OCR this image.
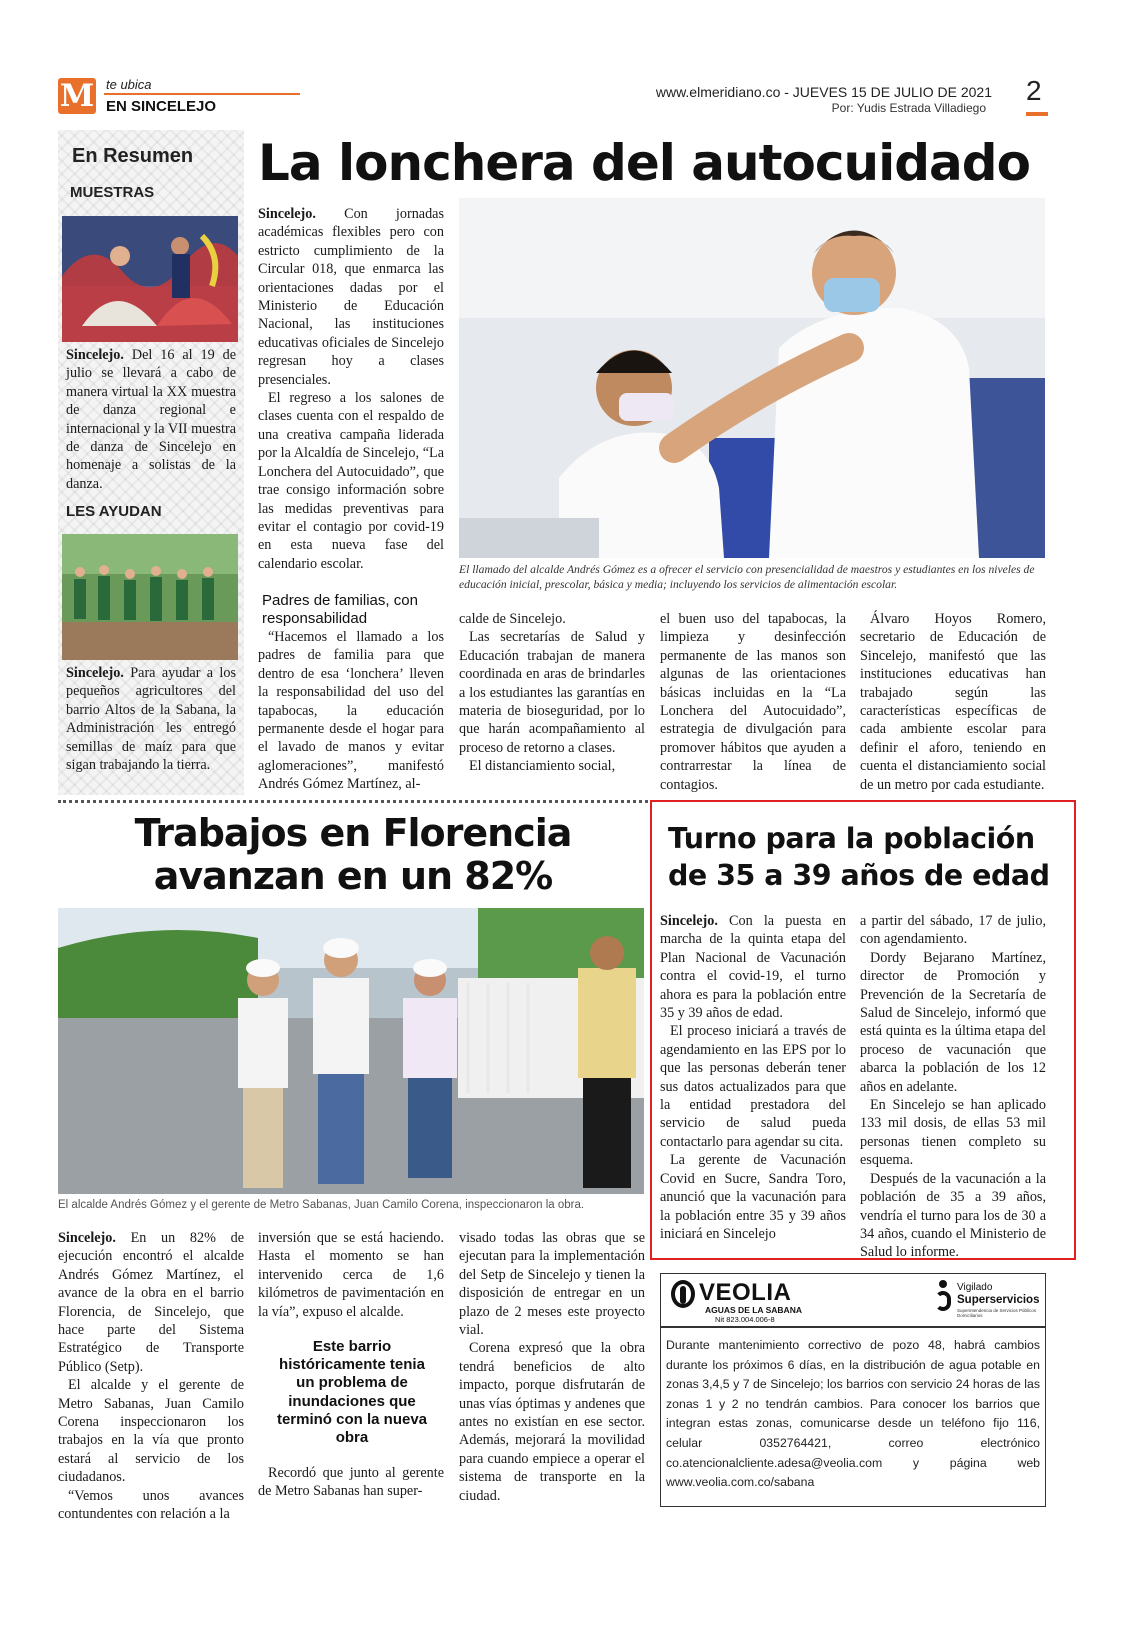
M te ubica
EN SINCELEJO
www.elmeridiano.co - JUEVES 15 DE JULIO DE 2021
Por: Yudis Estrada Villadiego
2
En Resumen
MUESTRAS

Sincelejo. Del 16 al 19 de julio se llevará a cabo de manera virtual la XX muestra de danza regional e internacional y la VII muestra de danza de Sincelejo en homenaje a solistas de la danza.

LES AYUDAN

Sincelejo. Para ayudar a los pequeños agricultores del barrio Altos de la Sabana, la Administración les entregó semillas de maíz para que sigan trabajando la tierra.

La lonchera del autocuidado

Sincelejo. Con jornadas académicas flexibles pero con estricto cumplimiento de la Circular 018, que enmarca las orientaciones dadas por el Ministerio de Educación Nacional, las instituciones educativas oficiales de Sincelejo regresan hoy a clases presenciales.

El regreso a los salones de clases cuenta con el respaldo de una creativa campaña liderada por la Alcaldía de Sincelejo, “La Lonchera del Autocuidado”, que trae consigo información sobre las medidas preventivas para evitar el contagio por covid-19 en esta nueva fase del calendario escolar.	El llamado del alcalde Andrés Gómez es a ofrecer el servicio con presencialidad de maestros y estudiantes en los niveles de educación inicial, prescolar, básica y media; incluyendo los servicios de alimentación escolar.
Padres de familias, con responsabilidad

“Hacemos el llamado a los padres de familia para que dentro de esa ‘lonchera’ lleven la responsabilidad del uso del tapabocas, la educación permanente desde el hogar para el lavado de manos y evitar aglomeraciones”, manifestó Andrés Gómez Martínez, al-

calde de Sincelejo.

Las secretarías de Salud y Educación trabajan de manera coordinada en aras de brindarles a los estudiantes las garantías en materia de bioseguridad, por lo que harán acompañamiento al proceso de retorno a clases.

El distanciamiento social,

el buen uso del tapabocas, la limpieza y desinfección permanente de las manos son algunas de las orientaciones básicas incluidas en la “La Lonchera del Autocuidado”, estrategia de divulgación para promover hábitos que ayuden a contrarrestar la línea de contagios.

Álvaro Hoyos Romero, secretario de Educación de Sincelejo, manifestó que las instituciones educativas han trabajado según las características específicas de cada ambiente escolar para definir el aforo, teniendo en cuenta el distanciamiento social de un metro por cada estudiante.

Trabajos en Florencia
avanzan en un 82%
El alcalde Andrés Gómez y el gerente de Metro Sabanas, Juan Camilo Corena, inspeccionaron la obra.

Sincelejo. En un 82% de ejecución encontró el alcalde Andrés Gómez Martínez, el avance de la obra en el barrio Florencia, de Sincelejo, que hace parte del Sistema Estratégico de Transporte Público (Setp).

El alcalde y el gerente de Metro Sabanas, Juan Camilo Corena inspeccionaron los trabajos en la vía que pronto estará al servicio de los ciudadanos.

“Vemos unos avances contundentes con relación a la

inversión que se está haciendo. Hasta el momento se han intervenido cerca de 1,6 kilómetros de pavimentación en la vía”, expuso el alcalde.

Este barrio históricamente tenia un problema de inundaciones que terminó con la nueva obra

Recordó que junto al gerente de Metro Sabanas han super-

visado todas las obras que se ejecutan para la implementación del Setp de Sincelejo y tienen la disposición de entregar en un plazo de 2 meses este proyecto vial.

Corena expresó que la obra tendrá beneficios de alto impacto, porque disfrutarán de unas vías óptimas y andenes que antes no existían en ese sector. Además, mejorará la movilidad para cuando empiece a operar el sistema de transporte en la ciudad.

Turno para la población
de 35 a 39 años de edad

Sincelejo. Con la puesta en marcha de la quinta etapa del Plan Nacional de Vacunación contra el covid-19, el turno ahora es para la población entre 35 y 39 años de edad.

El proceso iniciará a través de agendamiento en las EPS por lo que las personas deberán tener sus datos actualizados para que la entidad prestadora del servicio de salud pueda contactarlo para agendar su cita.

La gerente de Vacunación Covid en Sucre, Sandra Toro, anunció que la vacunación para la población entre 35 y 39 años iniciará en Sincelejo

a partir del sábado, 17 de julio, con agendamiento.

Dordy Bejarano Martínez, director de Promoción y Prevención de la Secretaría de Salud de Sincelejo, informó que está quinta es la última etapa del proceso de vacunación que abarca la población de los 12 años en adelante.

En Sincelejo se han aplicado 133 mil dosis, de ellas 53 mil personas tienen completo su esquema.

Después de la vacunación a la población de 35 a 39 años, vendría el turno para los de 30 a 34 años, cuando el Ministerio de Salud lo informe.

VEOLIA
AGUAS DE LA SABANA
Nit 823.004.006-8
Vigilado
Superservicios
Superintendencia de Servicios Públicos Domiciliarios
Durante mantenimiento correctivo de pozo 48, habrá cambios durante los próximos 6 días, en la distribución de agua potable en zonas 3,4,5 y 7 de Sincelejo; los barrios con servicio 24 horas de las zonas 1 y 2 no tendrán cambios. Para conocer los barrios que integran estas zonas, comunicarse desde un teléfono fijo 116, celular 0352764421, correo electrónico co.atencionalcliente.adesa@veolia.com y página web www.veolia.com.co/sabana
